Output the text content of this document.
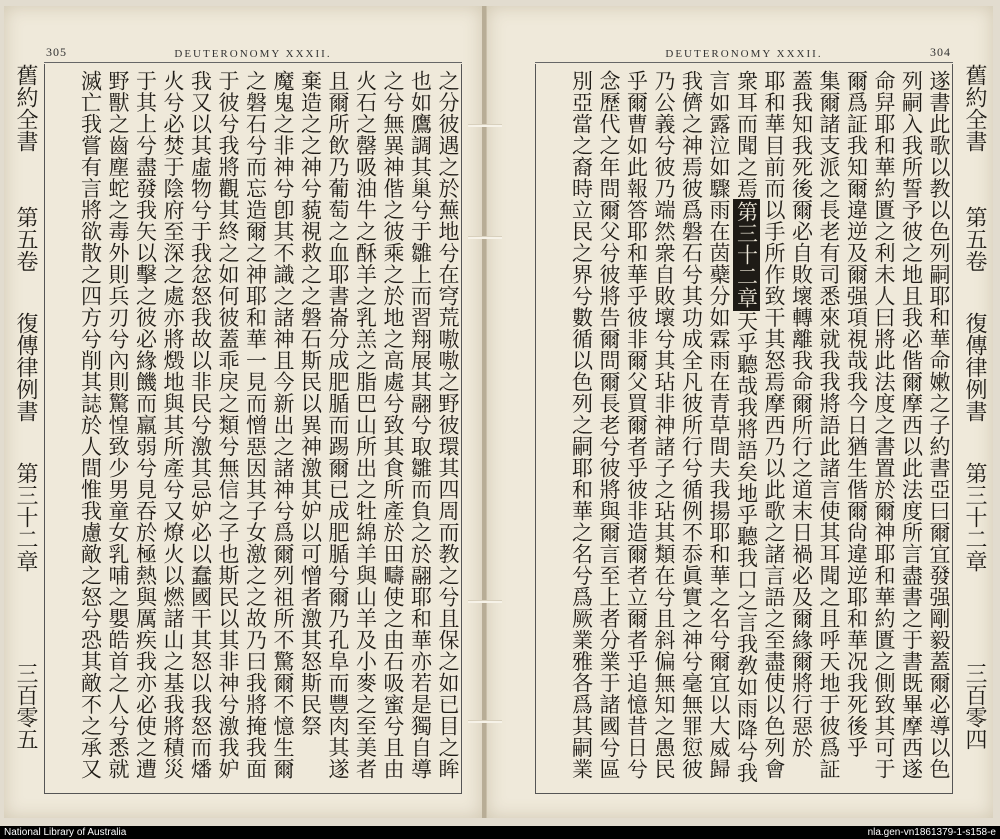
305	DEUTERONOMY XXXII.
舊約全書第五卷復傳律例書第三十二章三百零五	之分彼遇之於蕪地兮在穹荒嗷嗷之野彼環其四周而教之兮且保之如已目之眸
也如鷹調其巢兮于雛上而習翔展其翮兮取雛而負之於翮耶和華亦若是獨自導
之兮無異神偕之彼乘之於地之高處兮致其食所產於田疇使之由石吸蜜兮且由
火石之罄吸油牛之酥羊之乳羔之脂巴山所出之牡綿羊與山羊及小麥之至美者
且爾所飲乃葡萄之血耶書崙分成肥腯而踢爾已成肥腯兮爾乃孔阜而豐肉其遂
棄造之之神兮藐視救之之磐石斯民以異神激其妒以可憎者激其怒斯民祭
魔鬼之非神兮卽其不識之諸神且今新出之諸神兮爲爾列祖所不驚爾不憶生爾
之磐石兮而忘造爾之神耶和華一見而憎惡因其子女激之之故乃曰我將掩我面
于彼兮我將觀其終之如何彼蓋乖戾之類兮無信之子也斯民以其非神兮激我妒
我又以其虛物兮于我忿怒我故以非民兮激其忌妒必以蠢國干其怒以我怒而燔
火兮必焚于陰府至深之處亦將燬地與其所產兮又燎火以燃諸山之基我將積災
于其上兮盡發我矢以擊之彼必緣饑而羸弱兮見吞於極熱與厲疾我亦必使之遭
野獸之齒塵蛇之毒外則兵刃兮內則驚惶致少男童女乳哺之嬰皓首之人兮悉就
滅亡我嘗有言將欲散之四方兮削其誌於人間惟我慮敵之怒兮恐其敵不之承又
DEUTERONOMY XXXII.	304
遂書此歌以教以色列嗣耶和華命嫩之子約書亞曰爾宜發强剛毅蓋爾必導以色
列嗣入我所誓予彼之地且我必偕爾摩西以此法度所言盡書之于書既畢摩西遂
命舁耶和華約匱之利未人曰將此法度之書置於爾神耶和華約匱之側致其可于
爾爲証我知爾違逆及爾强項視哉我今日猶生偕爾尙違逆耶和華况我死後乎
集爾諸支派之長老有司悉來就我我將語此諸言使其耳聞之且呼天地于彼爲証
蓋我知我死後爾必自敗壞轉離我命爾所行之道末日禍必及爾緣爾將行惡於
耶和華目前而以手所作致干其怒焉摩西乃以此歌之諸言語之至盡使以色列會
衆耳而聞之焉第三十二章天乎聽哉我將語矣地乎聽我口之言我敎如雨降兮我
言如露泣如驟雨在茵蘗分如霖雨在青草間夫我揚耶和華之名兮爾宜以大威歸
我儕之神焉彼爲磐石兮其功成全凡彼所行兮循例不忝眞實之神兮毫無罪愆彼
乃公義兮彼乃端然衆自敗壞兮其玷非神諸子之玷其類在兮且斜偏無知之愚民
乎爾曹如此報答耶和華乎彼非爾父買爾者乎彼非造爾者立爾者乎追憶昔日兮
念歷代之年問爾父兮彼將告爾問爾長老兮彼將與爾言至上者分業于諸國兮區
別亞當之裔時立民之界兮數循以色列之嗣耶和華之名兮爲厥業雅各爲其嗣業	舊約全書第五卷復傳律例書第三十二章三百零四
National Library of Australia	nla.gen-vn1861379-1-s158-e
